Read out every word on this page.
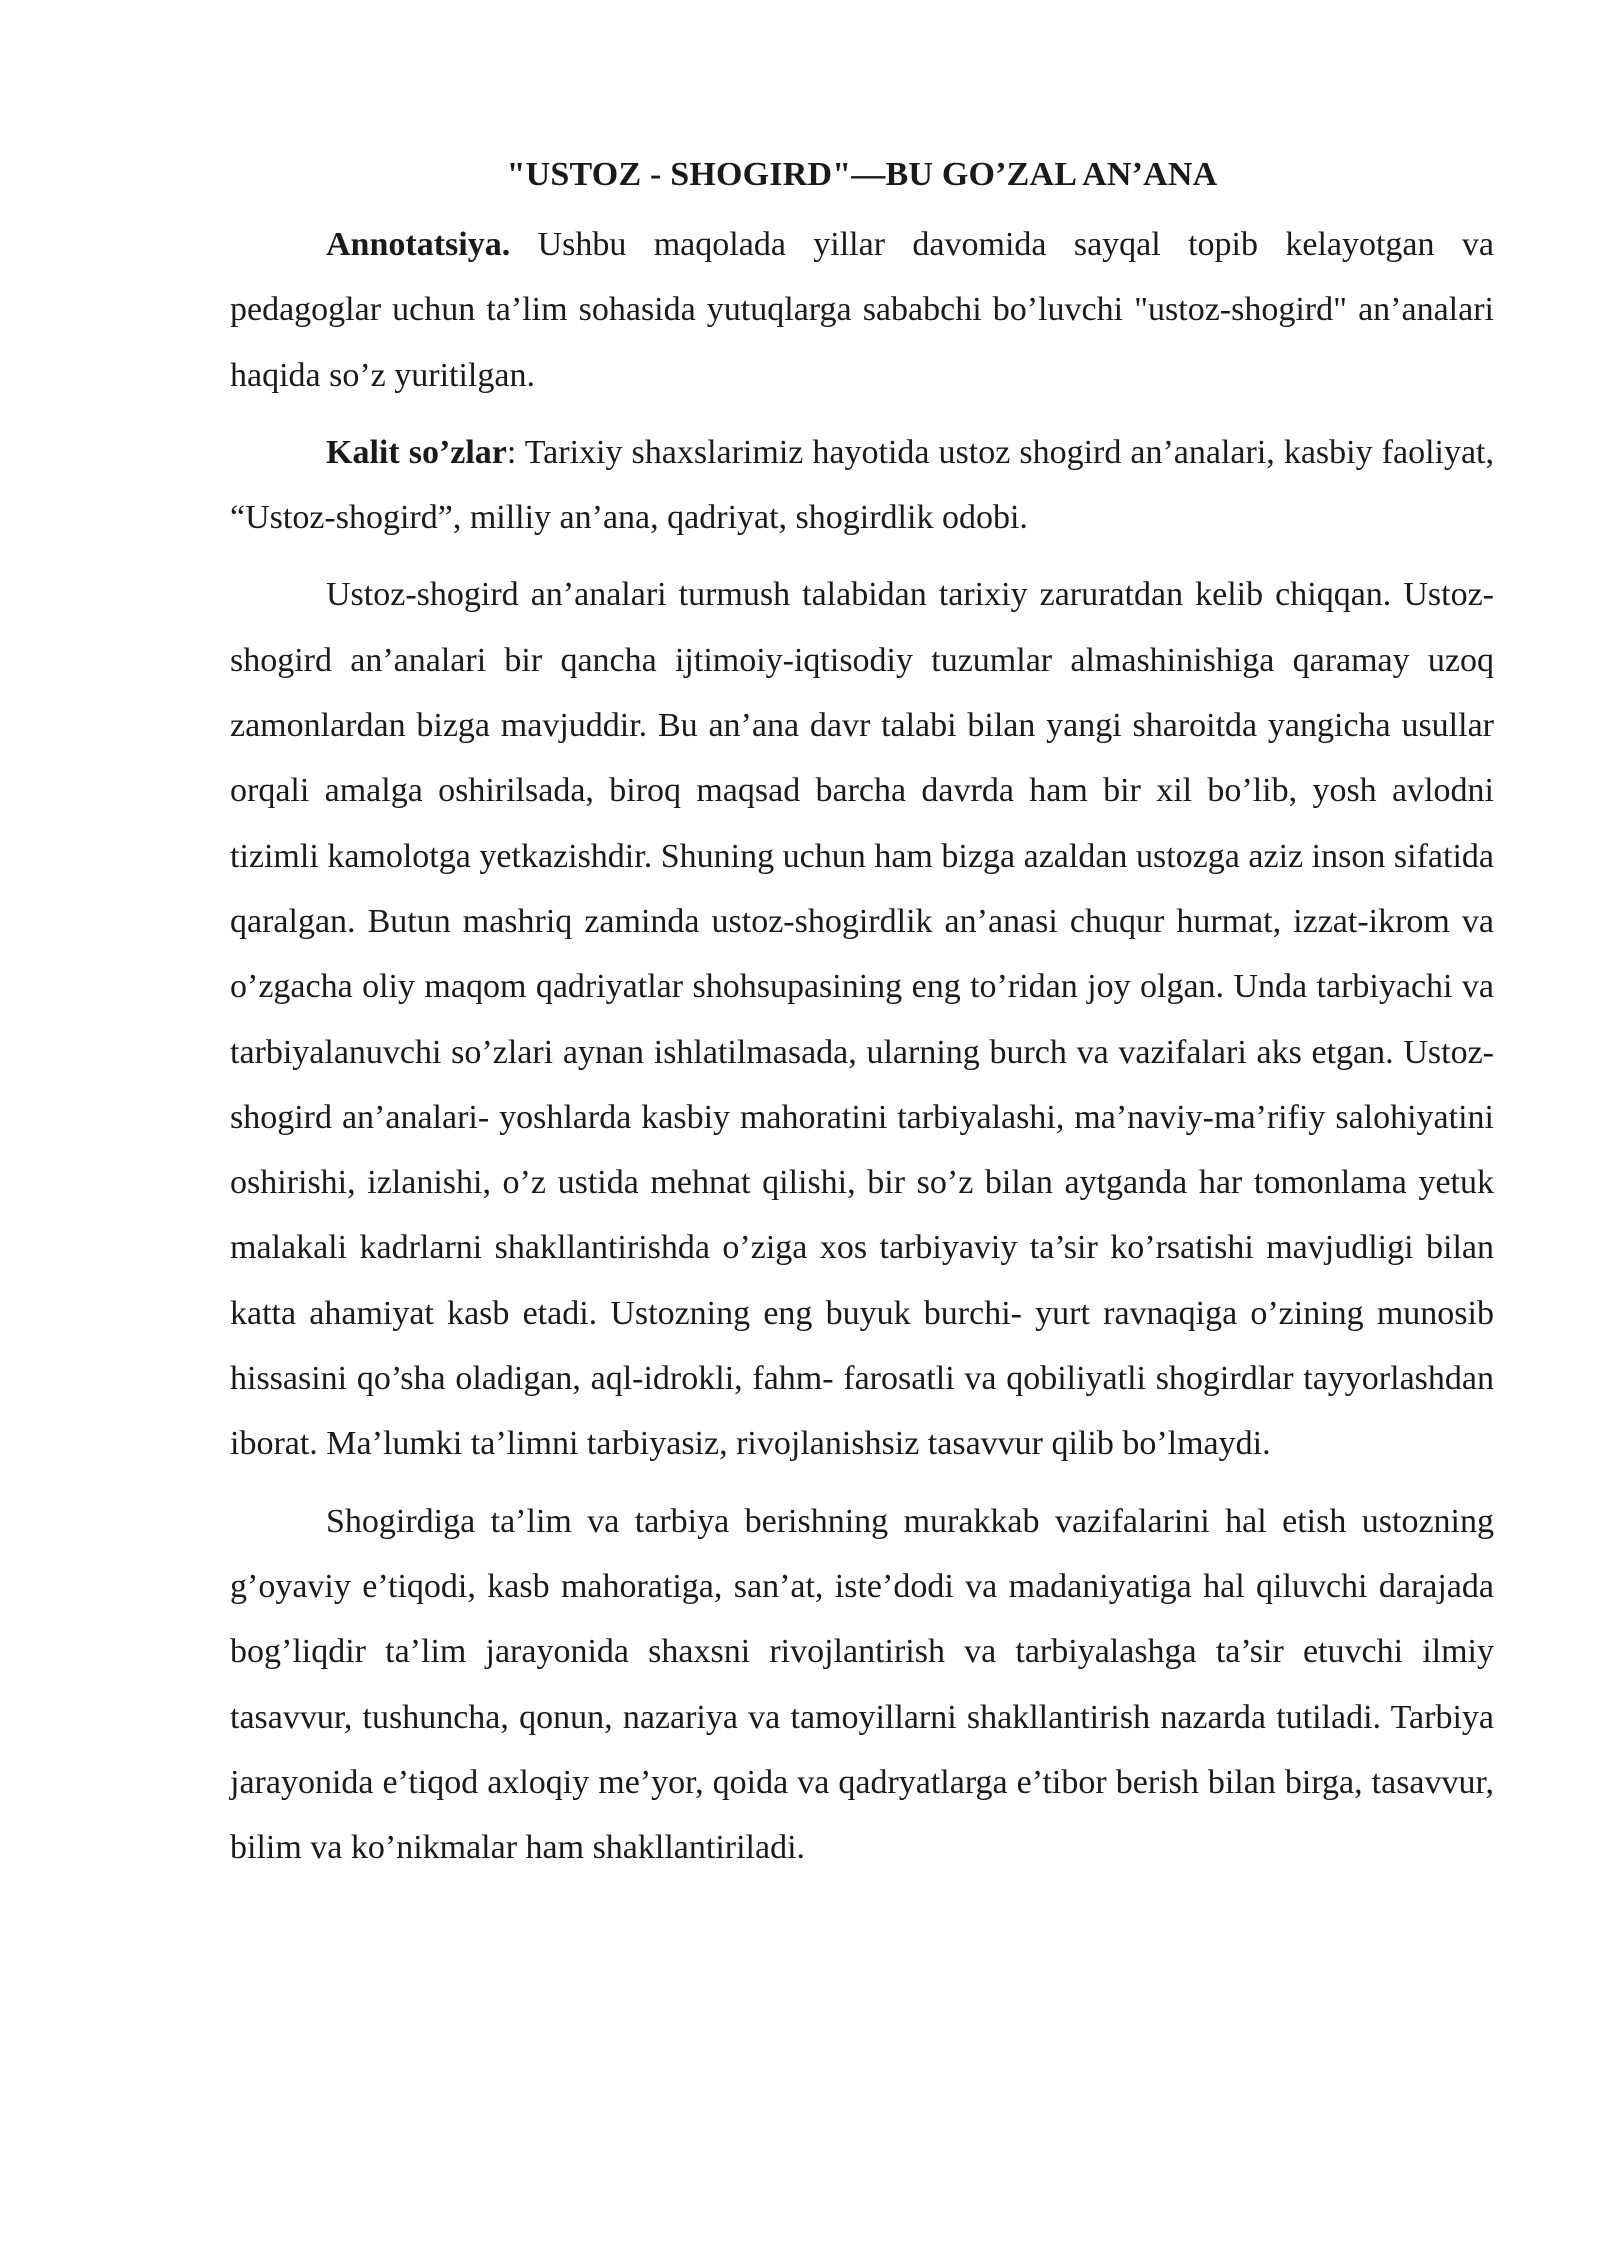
"USTOZ - SHOGIRD"—BU GO’ZAL AN’ANA

Annotatsiya. Ushbu maqolada yillar davomida sayqal topib kelayotgan va pedagoglar uchun ta’lim sohasida yutuqlarga sababchi bo’luvchi "ustoz-shogird" an’analari haqida so’z yuritilgan.

Kalit so’zlar: Tarixiy shaxslarimiz hayotida ustoz shogird an’analari, kasbiy faoliyat, “Ustoz-shogird”, milliy an’ana, qadriyat, shogirdlik odobi.

Ustoz-shogird an’analari turmush talabidan tarixiy zaruratdan kelib chiqqan. Ustoz-shogird an’analari bir qancha ijtimoiy-iqtisodiy tuzumlar almashinishiga qaramay uzoq zamonlardan bizga mavjuddir. Bu an’ana davr talabi bilan yangi sharoitda yangicha usullar orqali amalga oshirilsada, biroq maqsad barcha davrda ham bir xil bo’lib, yosh avlodni tizimli kamolotga yetkazishdir. Shuning uchun ham bizga azaldan ustozga aziz inson sifatida qaralgan. Butun mashriq zaminda ustoz-shogirdlik an’anasi chuqur hurmat, izzat-ikrom va o’zgacha oliy maqom qadriyatlar shohsupasining eng to’ridan joy olgan. Unda tarbiyachi va tarbiyalanuvchi so’zlari aynan ishlatilmasada, ularning burch va vazifalari aks etgan. Ustoz-shogird an’analari- yoshlarda kasbiy mahoratini tarbiyalashi, ma’naviy-ma’rifiy salohiyatini oshirishi, izlanishi, o’z ustida mehnat qilishi, bir so’z bilan aytganda har tomonlama yetuk malakali kadrlarni shakllantirishda o’ziga xos tarbiyaviy ta’sir ko’rsatishi mavjudligi bilan katta ahamiyat kasb etadi. Ustozning eng buyuk burchi- yurt ravnaqiga o’zining munosib hissasini qo’sha oladigan, aql-idrokli, fahm- farosatli va qobiliyatli shogirdlar tayyorlashdan iborat. Ma’lumki ta’limni tarbiyasiz, rivojlanishsiz tasavvur qilib bo’lmaydi.

Shogirdiga ta’lim va tarbiya berishning murakkab vazifalarini hal etish ustozning g’oyaviy e’tiqodi, kasb mahoratiga, san’at, iste’dodi va madaniyatiga hal qiluvchi darajada bog’liqdir ta’lim jarayonida shaxsni rivojlantirish va tarbiyalashga ta’sir etuvchi ilmiy tasavvur, tushuncha, qonun, nazariya va tamoyillarni shakllantirish nazarda tutiladi. Tarbiya jarayonida e’tiqod axloqiy me’yor, qoida va qadryatlarga e’tibor berish bilan birga, tasavvur, bilim va ko’nikmalar ham shakllantiriladi.
